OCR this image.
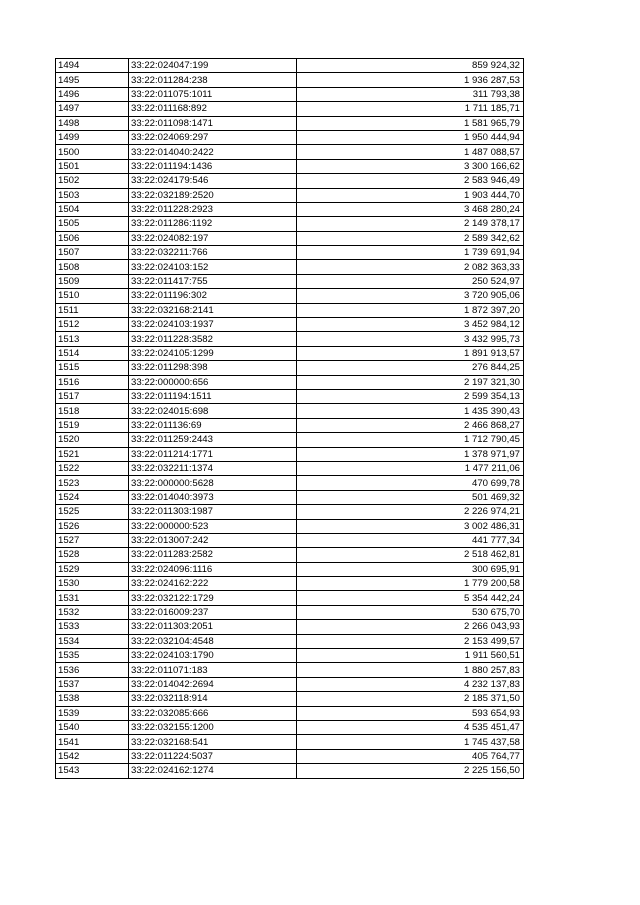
1494	33:22:024047:199	859 924,32
1495	33:22:011284:238	1 936 287,53
1496	33:22:011075:1011	311 793,38
1497	33:22:011168:892	1 711 185,71
1498	33:22:011098:1471	1 581 965,79
1499	33:22:024069:297	1 950 444,94
1500	33:22:014040:2422	1 487 088,57
1501	33:22:011194:1436	3 300 166,62
1502	33:22:024179:546	2 583 946,49
1503	33:22:032189:2520	1 903 444,70
1504	33:22:011228:2923	3 468 280,24
1505	33:22:011286:1192	2 149 378,17
1506	33:22:024082:197	2 589 342,62
1507	33:22:032211:766	1 739 691,94
1508	33:22:024103:152	2 082 363,33
1509	33:22:011417:755	250 524,97
1510	33:22:011196:302	3 720 905,06
1511	33:22:032168:2141	1 872 397,20
1512	33:22:024103:1937	3 452 984,12
1513	33:22:011228:3582	3 432 995,73
1514	33:22:024105:1299	1 891 913,57
1515	33:22:011298:398	276 844,25
1516	33:22:000000:656	2 197 321,30
1517	33:22:011194:1511	2 599 354,13
1518	33:22:024015:698	1 435 390,43
1519	33:22:011136:69	2 466 868,27
1520	33:22:011259:2443	1 712 790,45
1521	33:22:011214:1771	1 378 971,97
1522	33:22:032211:1374	1 477 211,06
1523	33:22:000000:5628	470 699,78
1524	33:22:014040:3973	501 469,32
1525	33:22:011303:1987	2 226 974,21
1526	33:22:000000:523	3 002 486,31
1527	33:22:013007:242	441 777,34
1528	33:22:011283:2582	2 518 462,81
1529	33:22:024096:1116	300 695,91
1530	33:22:024162:222	1 779 200,58
1531	33:22:032122:1729	5 354 442,24
1532	33:22:016009:237	530 675,70
1533	33:22:011303:2051	2 266 043,93
1534	33:22:032104:4548	2 153 499,57
1535	33:22:024103:1790	1 911 560,51
1536	33:22:011071:183	1 880 257,83
1537	33:22:014042:2694	4 232 137,83
1538	33:22:032118:914	2 185 371,50
1539	33:22:032085:666	593 654,93
1540	33:22:032155:1200	4 535 451,47
1541	33:22:032168:541	1 745 437,58
1542	33:22:011224:5037	405 764,77
1543	33:22:024162:1274	2 225 156,50
